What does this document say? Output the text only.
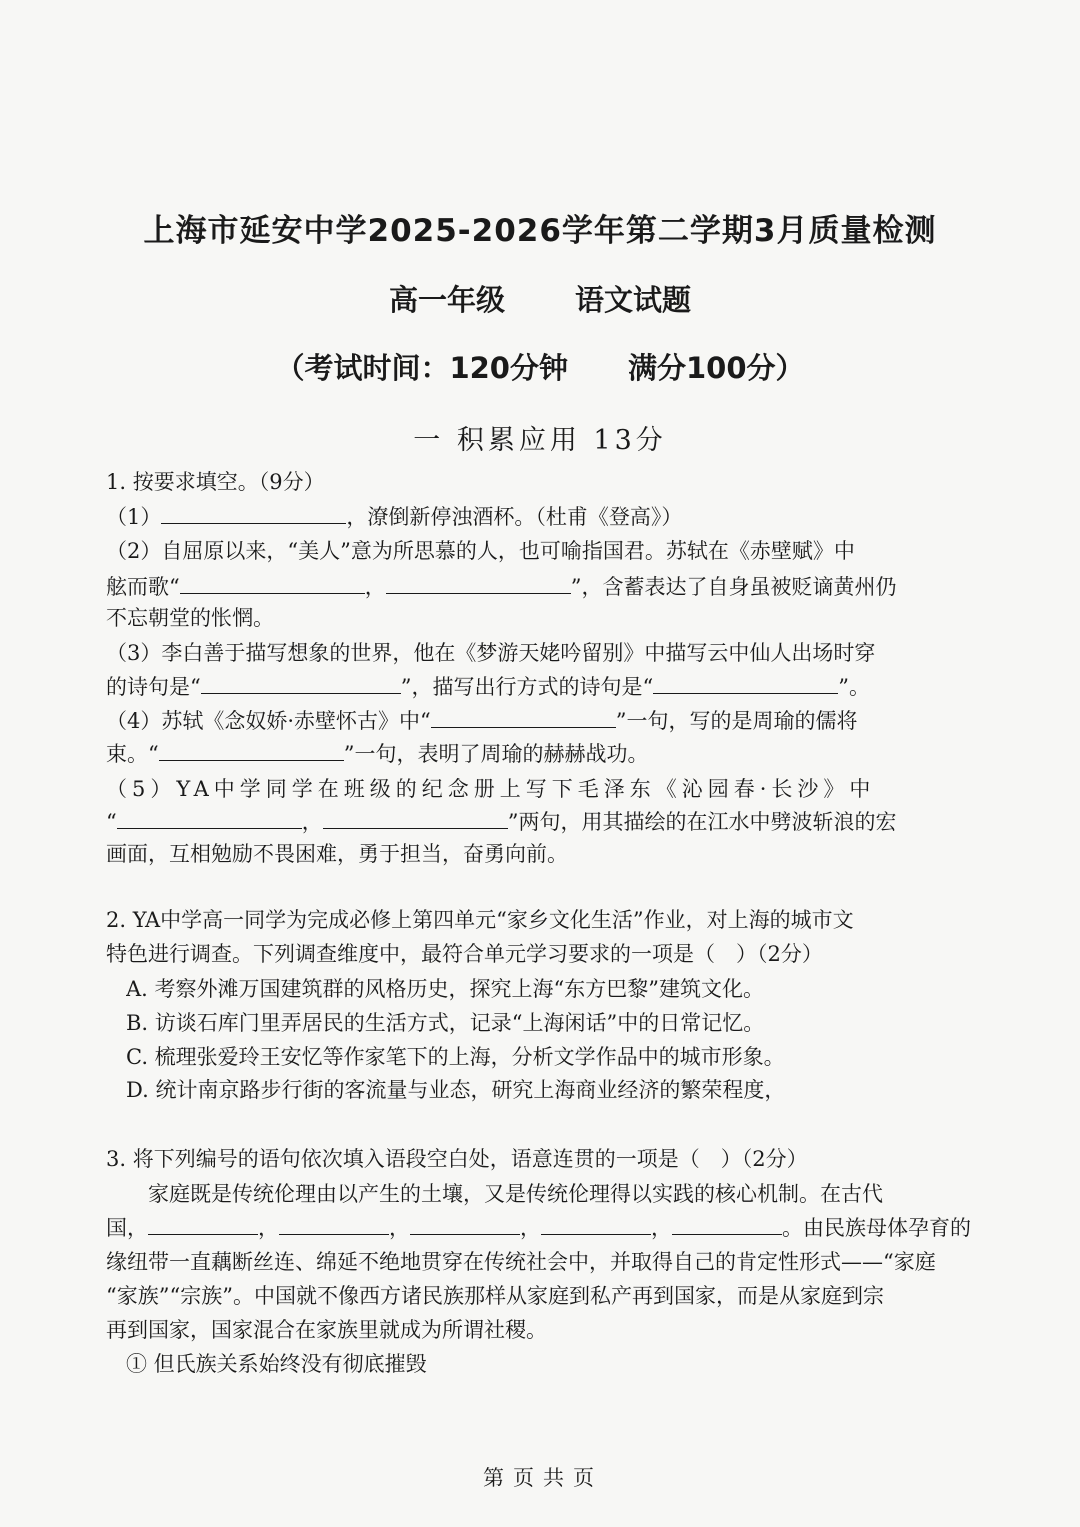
上海市延安中学2025-2026学年第二学期3月质量检测
高一年级 语文试题
（考试时间：120分钟 满分100分）
一 积累应用 13分
1. 按要求填空。（9分）
（1）	，潦倒新停浊酒杯。（杜甫《登高》）
（2）自屈原以来，“美人”意为所思慕的人，也可喻指国君。苏轼在《赤壁赋》中
舷而歌“	，	”，含蓄表达了自身虽被贬谪黄州仍
不忘朝堂的怅惘。
（3）李白善于描写想象的世界，他在《梦游天姥吟留别》中描写云中仙人出场时穿
的诗句是“	”，描写出行方式的诗句是“	”。
（4）苏轼《念奴娇·赤壁怀古》中“	”一句，写的是周瑜的儒将
束。“	”一句，表明了周瑜的赫赫战功。
（5）YA中学同学在班级的纪念册上写下毛泽东《沁园春·长沙》中
“	，	”两句，用其描绘的在江水中劈波斩浪的宏
画面，互相勉励不畏困难，勇于担当，奋勇向前。
2. YA中学高一同学为完成必修上第四单元“家乡文化生活”作业，对上海的城市文
特色进行调查。下列调查维度中，最符合单元学习要求的一项是（　）（2分）
A. 考察外滩万国建筑群的风格历史，探究上海“东方巴黎”建筑文化。
B. 访谈石库门里弄居民的生活方式，记录“上海闲话”中的日常记忆。
C. 梳理张爱玲王安忆等作家笔下的上海，分析文学作品中的城市形象。
D. 统计南京路步行街的客流量与业态，研究上海商业经济的繁荣程度，
3. 将下列编号的语句依次填入语段空白处，语意连贯的一项是（　）（2分）
家庭既是传统伦理由以产生的土壤，又是传统伦理得以实践的核心机制。在古代
国，	，	，	，	，	。由民族母体孕育的
缘纽带一直藕断丝连、绵延不绝地贯穿在传统社会中，并取得自己的肯定性形式——“家庭
“家族”“宗族”。中国就不像西方诸民族那样从家庭到私产再到国家，而是从家庭到宗
再到国家，国家混合在家族里就成为所谓社稷。
① 但氏族关系始终没有彻底摧毁
第 页 共 页
